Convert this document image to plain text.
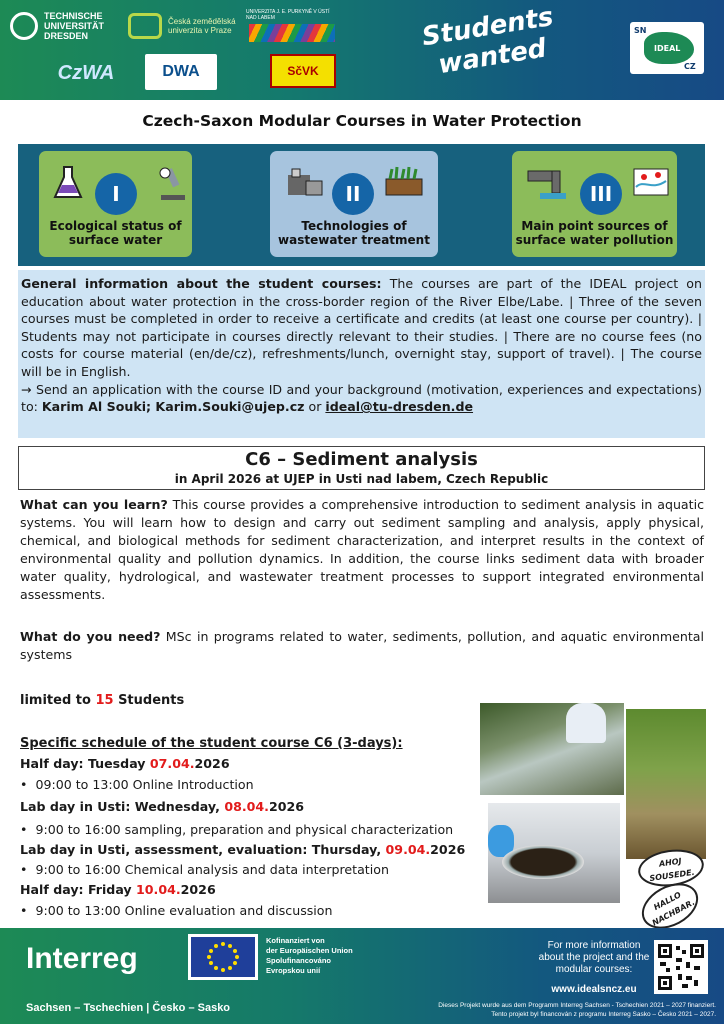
TECHNISCHE UNIVERSITÄT DRESDEN
Česká zemědělská univerzita v Praze
UNIVERZITA J. E. PURKYNĚ V ÚSTÍ NAD LABEM
CzWA	DWA	SčVK
Students wanted
SN
IDEAL
CZ
Czech-Saxon Modular Courses in Water Protection
I
Ecological status of surface water
II
Technologies of wastewater treatment
III
Main point sources of surface water pollution
General information about the student courses: The courses are part of the IDEAL project on education about water protection in the cross-border region of the River Elbe/Labe. | Three of the seven courses must be completed in order to receive a certificate and credits (at least one course per country). | Students may not participate in courses directly relevant to their studies. | There are no course fees (no costs for course material (en/de/cz), refreshments/lunch, overnight stay, support of travel). | The course will be in English.
→ Send an application with the course ID and your background (motivation, experiences and expectations) to: Karim Al Souki; Karim.Souki@ujep.cz or ideal@tu-dresden.de
C6 – Sediment analysis
in April 2026 at UJEP in Usti nad labem, Czech Republic
What can you learn? This course provides a comprehensive introduction to sediment analysis in aquatic systems. You will learn how to design and carry out sediment sampling and analysis, apply physical, chemical, and biological methods for sediment characterization, and interpret results in the context of environmental quality and pollution dynamics. In addition, the course links sediment data with broader water quality, hydrological, and wastewater treatment processes to support integrated environmental assessments.
What do you need? MSc in programs related to water, sediments, pollution, and aquatic environmental systems
limited to 15 Students
Specific schedule of the student course C6 (3-days):
Half day: Tuesday 07.04.2026
•  09:00 to 13:00 Online Introduction
Lab day in Usti: Wednesday, 08.04.2026
•  9:00 to 16:00 sampling, preparation and physical characterization
Lab day in Usti, assessment, evaluation: Thursday, 09.04.2026
•  9:00 to 16:00 Chemical analysis and data interpretation
Half day: Friday 10.04.2026
•  9:00 to 13:00 Online evaluation and discussion
AHOJ SOUSEDE.
HALLO NACHBAR.
Interreg
Sachsen – Tschechien | Česko – Sasko
Kofinanziert von
der Europäischen Union
Spolufinancováno
Evropskou unií
For more information about the project and the modular courses:
www.idealsncz.eu
Dieses Projekt wurde aus dem Programm Interreg Sachsen - Tschechien 2021 – 2027 finanziert.
Tento projekt byl financován z programu Interreg Sasko – Česko 2021 – 2027.
